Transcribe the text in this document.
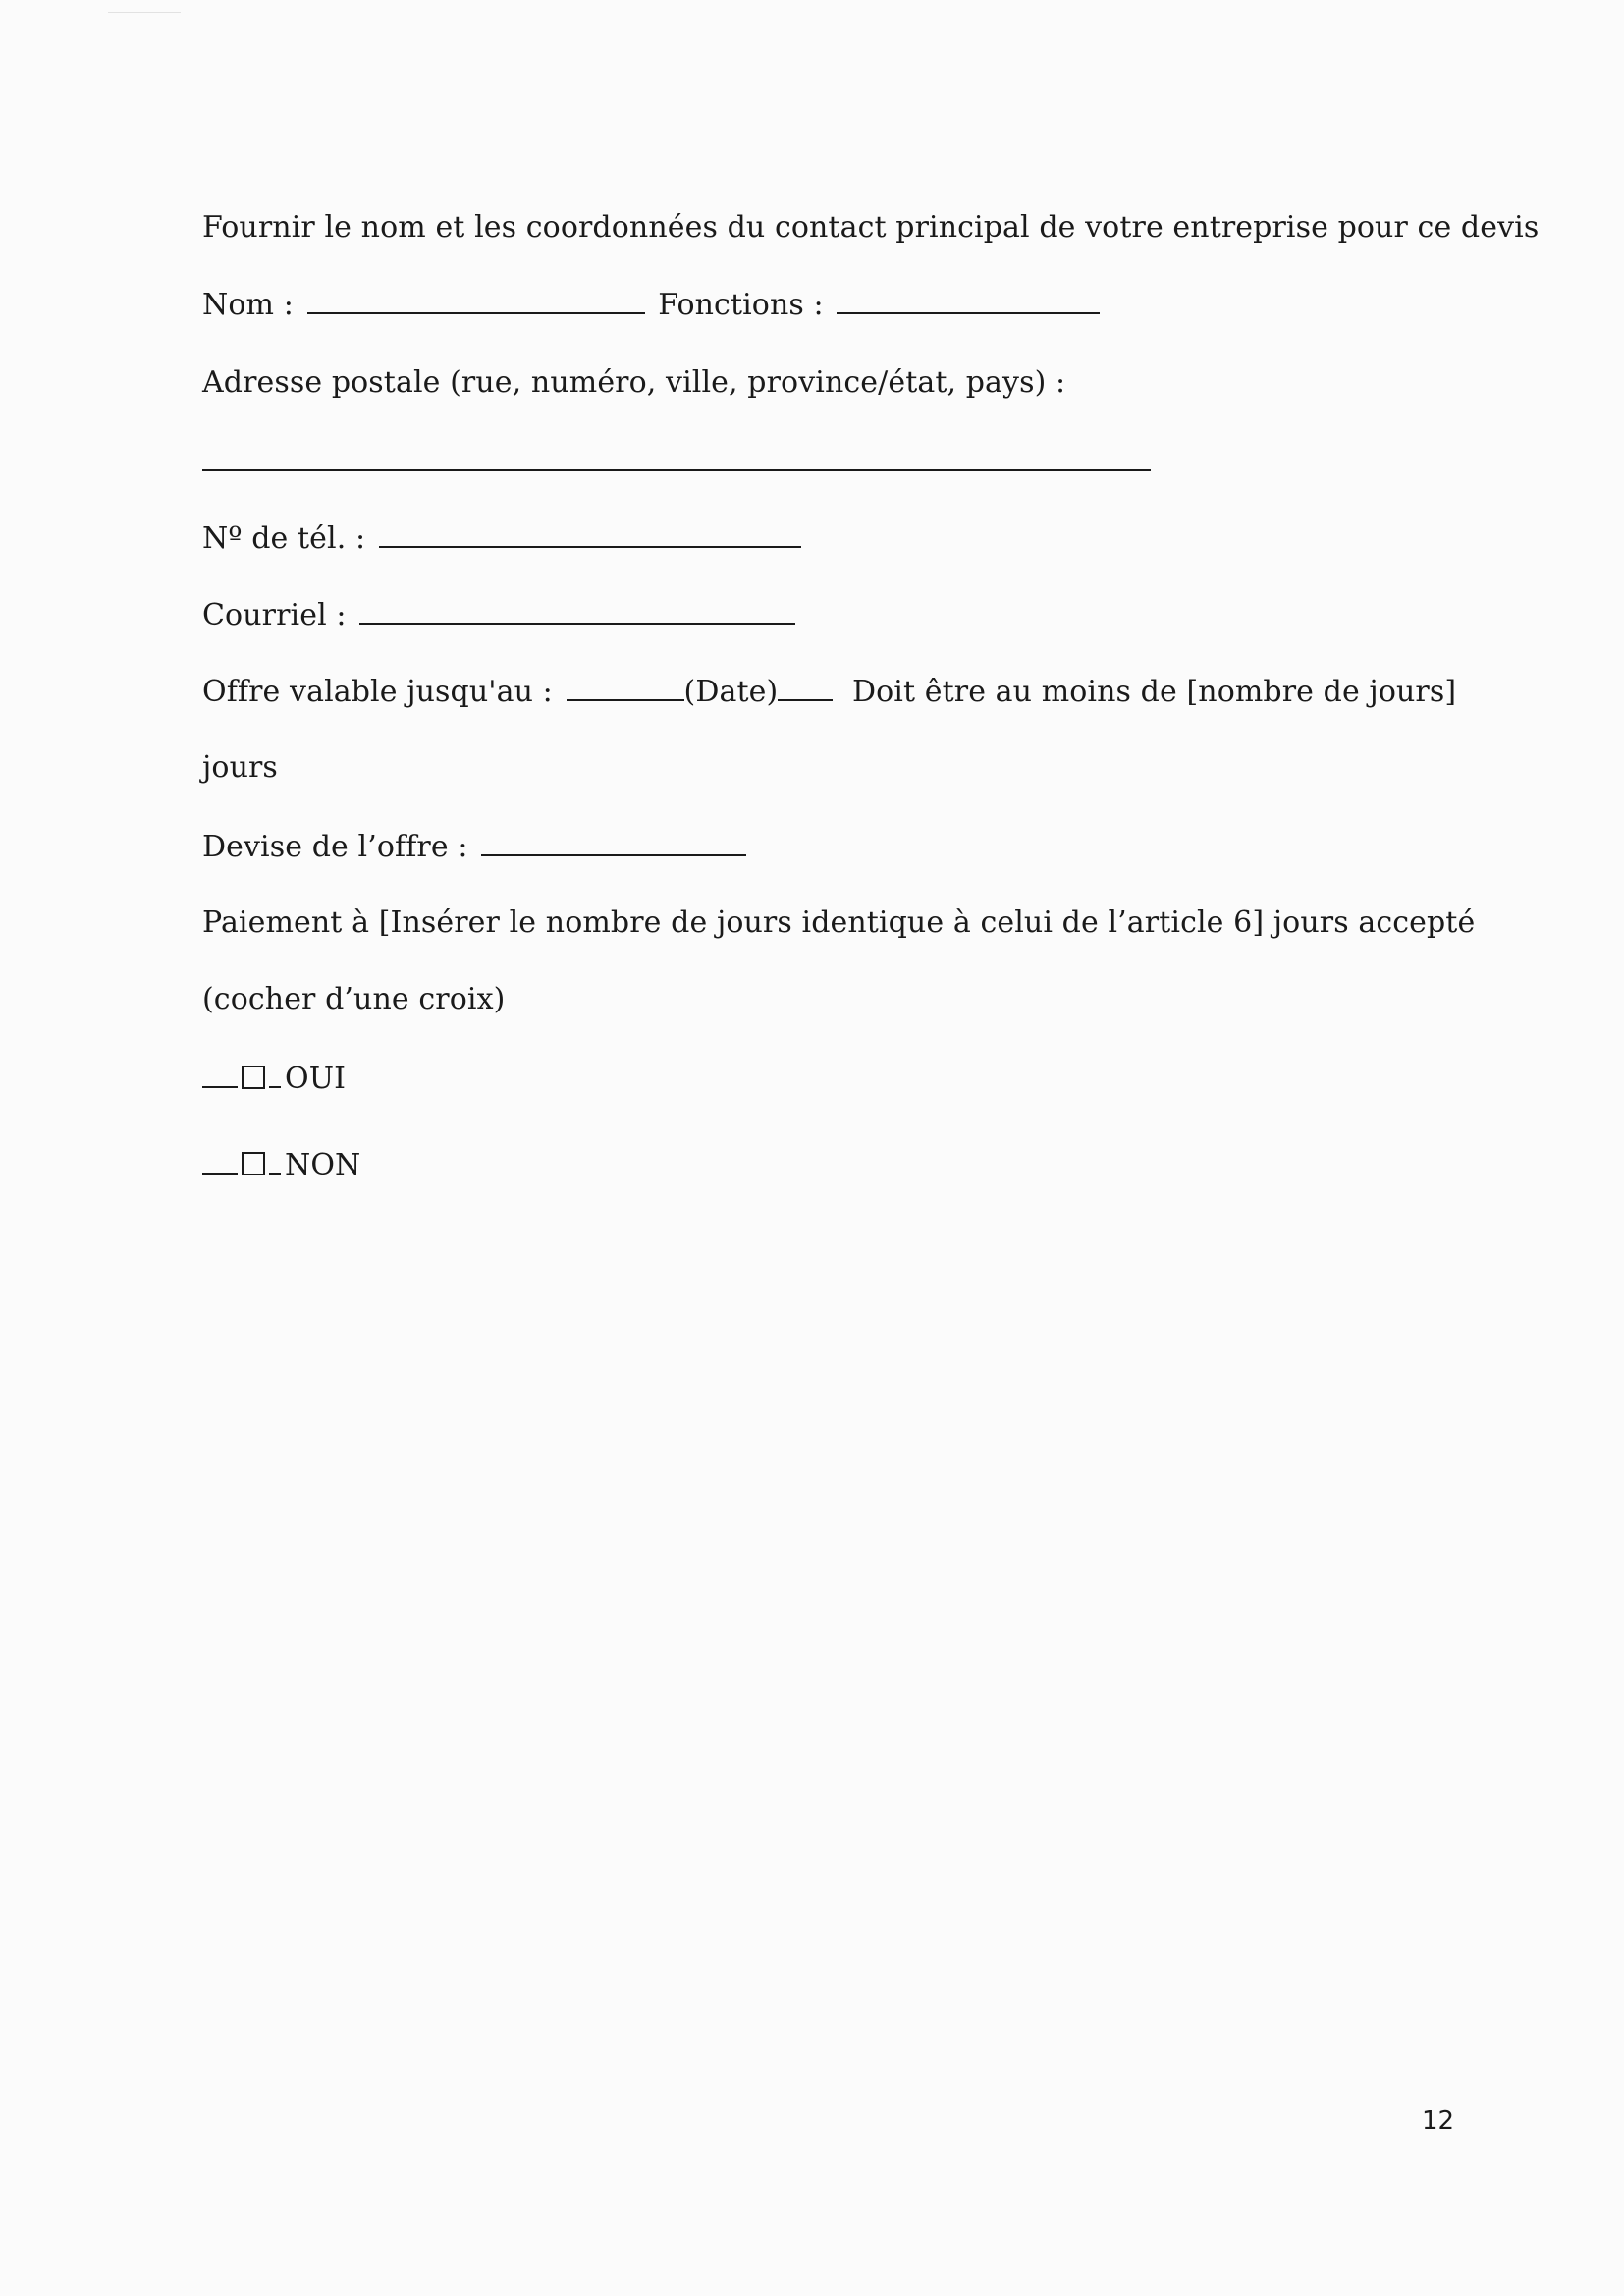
Fournir le nom et les coordonnées du contact principal de votre entreprise pour ce devis
Nom :	Fonctions :
Adresse postale (rue, numéro, ville, province/état, pays) :
Nº de tél. :
Courriel :
Offre valable jusqu'au :	(Date)	Doit être au moins de [nombre de jours]
jours
Devise de l’offre :
Paiement à [Insérer le nombre de jours identique à celui de l’article 6] jours accepté
(cocher d’une croix)
OUI
NON
12
